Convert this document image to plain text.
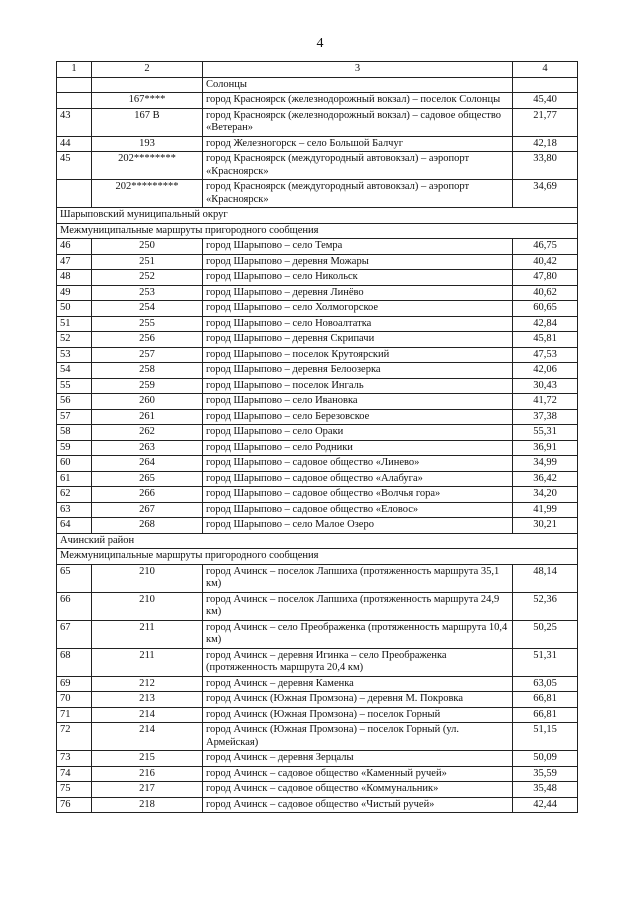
4
1	2	3	4
		Солонцы	
	167****	город Красноярск (железнодорожный вокзал) – поселок Солонцы	45,40
43	167 В	город Красноярск (железнодорожный вокзал) – садовое общество «Ветеран»	21,77
44	193	город Железногорск – село Большой Балчуг	42,18
45	202********	город Красноярск (междугородный автовокзал) – аэропорт «Красноярск»	33,80
	202*********	город Красноярск (междугородный автовокзал) – аэропорт «Красноярск»	34,69
Шарыповский муниципальный округ			
Межмуниципальные маршруты пригородного сообщения			
46	250	город Шарыпово – село Темра	46,75
47	251	город Шарыпово – деревня Можары	40,42
48	252	город Шарыпово – село Никольск	47,80
49	253	город Шарыпово – деревня Линёво	40,62
50	254	город Шарыпово – село Холмогорское	60,65
51	255	город Шарыпово – село Новоалтатка	42,84
52	256	город Шарыпово – деревня Скрипачи	45,81
53	257	город Шарыпово – поселок Крутоярский	47,53
54	258	город Шарыпово – деревня Белоозерка	42,06
55	259	город Шарыпово – поселок Ингаль	30,43
56	260	город Шарыпово – село Ивановка	41,72
57	261	город Шарыпово – село Березовское	37,38
58	262	город Шарыпово – село Ораки	55,31
59	263	город Шарыпово – село Родники	36,91
60	264	город Шарыпово – садовое общество «Линево»	34,99
61	265	город Шарыпово – садовое общество «Алабуга»	36,42
62	266	город Шарыпово – садовое общество «Волчья гора»	34,20
63	267	город Шарыпово – садовое общество «Еловос»	41,99
64	268	город Шарыпово – село Малое Озеро	30,21
Ачинский район			
Межмуниципальные маршруты пригородного сообщения			
65	210	город Ачинск – поселок Лапшиха (протяженность маршрута 35,1 км)	48,14
66	210	город Ачинск – поселок Лапшиха (протяженность маршрута 24,9 км)	52,36
67	211	город Ачинск – село Преображенка (протяженность маршрута 10,4 км)	50,25
68	211	город Ачинск – деревня Игинка – село Преображенка (протяженность маршрута 20,4 км)	51,31
69	212	город Ачинск – деревня Каменка	63,05
70	213	город Ачинск (Южная Промзона) – деревня М. Покровка	66,81
71	214	город Ачинск (Южная Промзона) – поселок Горный	66,81
72	214	город Ачинск (Южная Промзона) – поселок Горный (ул. Армейская)	51,15
73	215	город Ачинск – деревня Зерцалы	50,09
74	216	город Ачинск – садовое общество «Каменный ручей»	35,59
75	217	город Ачинск – садовое общество «Коммунальник»	35,48
76	218	город Ачинск – садовое общество «Чистый ручей»	42,44
